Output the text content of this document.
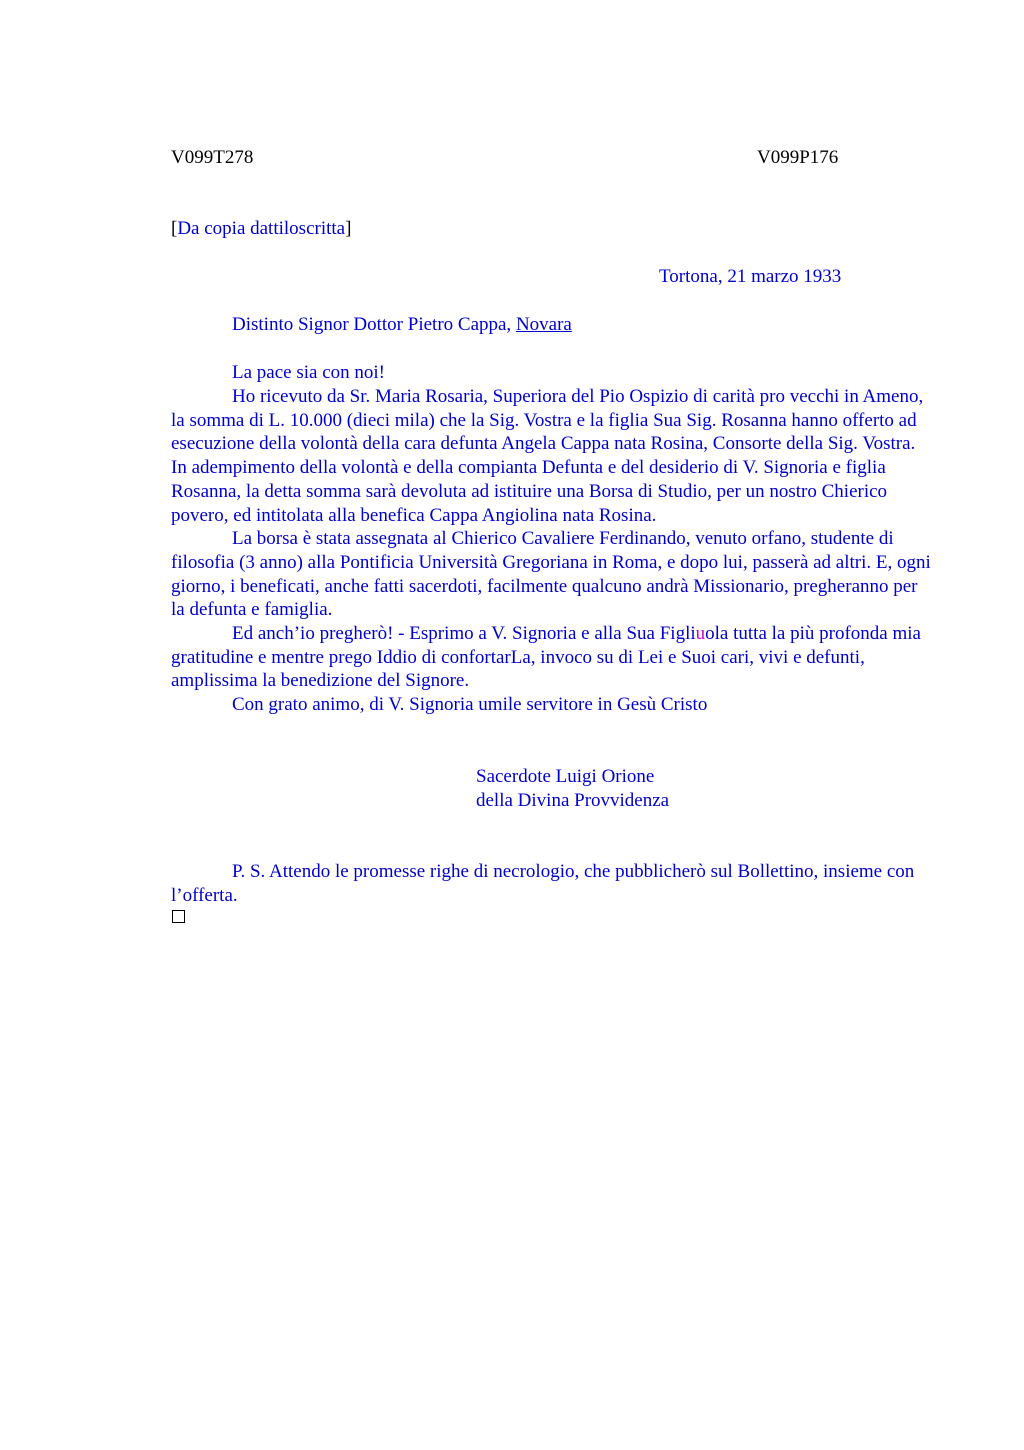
V099T278	V099P176
[Da copia dattiloscritta]
Tortona, 21 marzo 1933
Distinto Signor Dottor Pietro Cappa, Novara
La pace sia con noi!

Ho ricevuto da Sr. Maria Rosaria, Superiora del Pio Ospizio di carità pro vecchi in Ameno, la somma di L. 10.000 (dieci mila) che la Sig. Vostra e la figlia Sua Sig. Rosanna hanno offerto ad esecuzione della volontà della cara defunta Angela Cappa nata Rosina, Consorte della Sig. Vostra. In adempimento della volontà e della compianta Defunta e del desiderio di V. Signoria e figlia Rosanna, la detta somma sarà devoluta ad istituire una Borsa di Studio, per un nostro Chierico povero, ed intitolata alla benefica Cappa Angiolina nata Rosina.

La borsa è stata assegnata al Chierico Cavaliere Ferdinando, venuto orfano, studente di filosofia (3 anno) alla Pontificia Università Gregoriana in Roma, e dopo lui, passerà ad altri. E, ogni giorno, i beneficati, anche fatti sacerdoti, facilmente qualcuno andrà Missionario, pregheranno per la defunta e famiglia.

Ed anch’io pregherò! - Esprimo a V. Signoria e alla Sua Figliuola tutta la più profonda mia gratitudine e mentre prego Iddio di confortarLa, invoco su di Lei e Suoi cari, vivi e defunti, amplissima la benedizione del Signore.

Con grato animo, di V. Signoria umile servitore in Gesù Cristo

Sacerdote Luigi Orione
della Divina Provvidenza

P. S. Attendo le promesse righe di necrologio, che pubblicherò sul Bollettino, insieme con l’offerta.
